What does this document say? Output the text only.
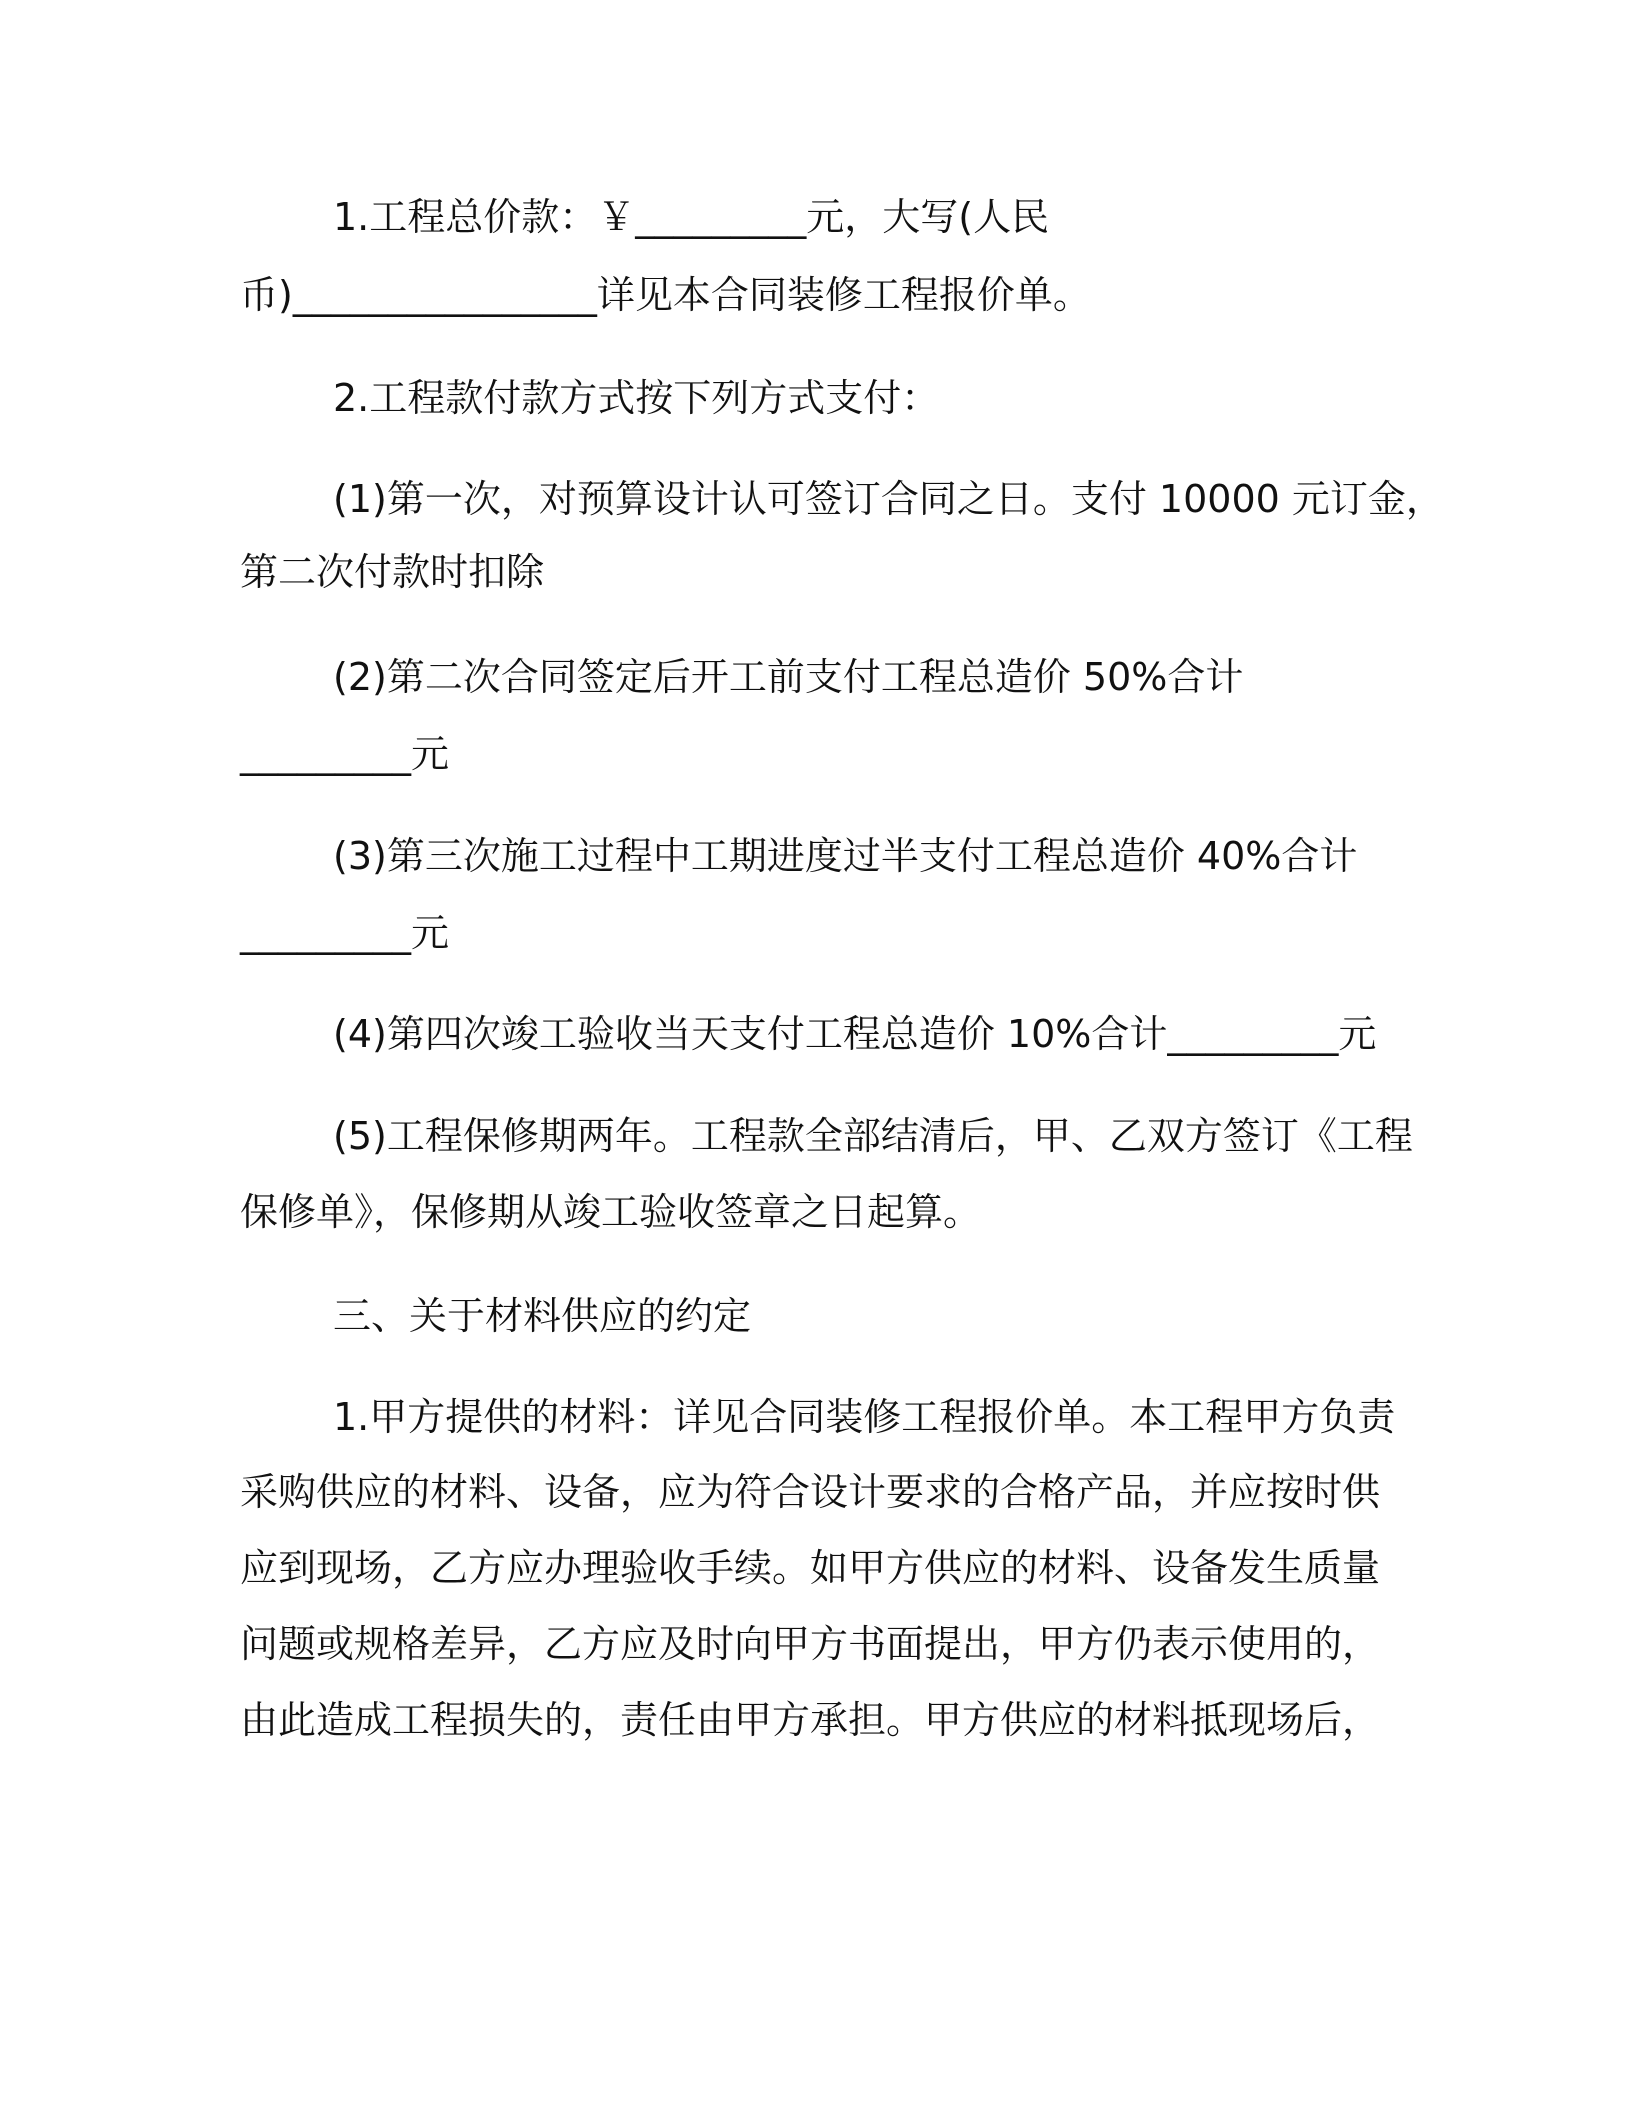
1.工程总价款：￥_________元，大写(人民
币)________________详见本合同装修工程报价单。
2.工程款付款方式按下列方式支付：
(1)第一次，对预算设计认可签订合同之日。支付 10000 元订金，
第二次付款时扣除
(2)第二次合同签定后开工前支付工程总造价 50%合计
_________元
(3)第三次施工过程中工期进度过半支付工程总造价 40%合计
_________元
(4)第四次竣工验收当天支付工程总造价 10%合计_________元
(5)工程保修期两年。工程款全部结清后，甲、乙双方签订《工程
保修单》，保修期从竣工验收签章之日起算。
三、关于材料供应的约定
1.甲方提供的材料：详见合同装修工程报价单。本工程甲方负责
采购供应的材料、设备，应为符合设计要求的合格产品，并应按时供
应到现场，乙方应办理验收手续。如甲方供应的材料、设备发生质量
问题或规格差异，乙方应及时向甲方书面提出，甲方仍表示使用的，
由此造成工程损失的，责任由甲方承担。甲方供应的材料抵现场后，
